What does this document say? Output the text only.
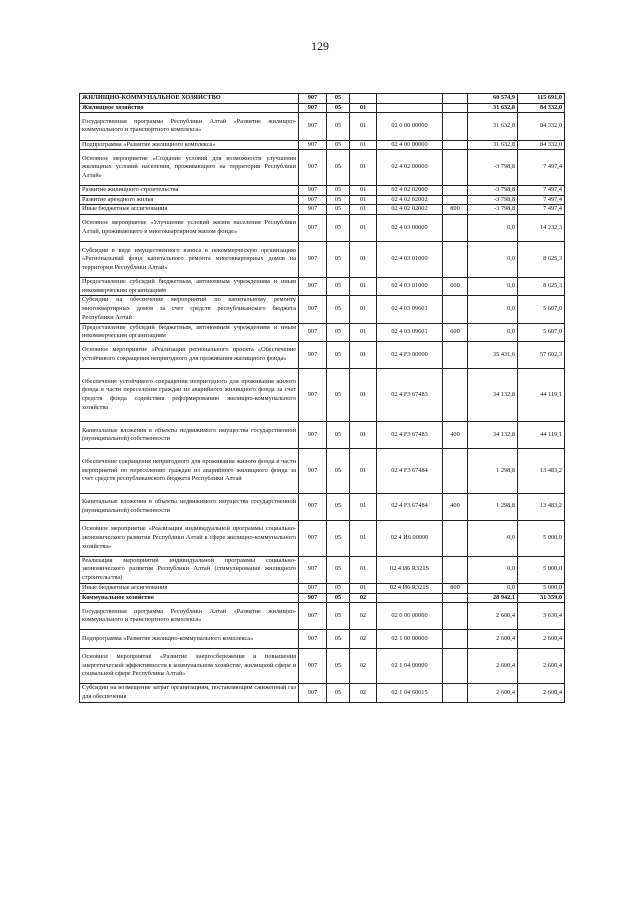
129
ЖИЛИЩНО-КОММУНАЛЬНОЕ ХОЗЯЙСТВО	907	05				60 574,9	115 691,0
Жилищное хозяйство	907	05	01			31 632,8	84 332,0
Государственная программа Республики Алтай «Развитие жилищно-коммунального и транспортного комплекса»	907	05	01	02 0 00 00000		31 632,8	84 332,0
Подпрограмма «Развитие жилищного комплекса»	907	05	01	02 4 00 00000		31 632,8	84 332,0
Основное мероприятие «Создание условий для возможности улучшения жилищных условий населения, проживающего на территории Республики Алтай»	907	05	01	02 4 02 00000		-3 798,8	7 497,4
Развитие жилищного строительства	907	05	01	02 4 02 02000		-3 798,8	7 497,4
Развитие арендного жилья	907	05	01	02 4 02 02002		-3 798,8	7 497,4
Иные бюджетные ассигнования	907	05	01	02 4 02 02002	800	-3 798,8	7 497,4
Основное мероприятие «Улучшение условий жизни населения Республики Алтай, проживающего в многоквартирном жилом фонде»	907	05	01	02 4 03 00000		0,0	14 232,3
Субсидия в виде имущественного взноса в некоммерческую организацию «Региональный фонд капитального ремонта многоквартирных домов на территории Республики Алтай»	907	05	01	02 4 03 01000		0,0	8 625,3
Предоставление субсидий бюджетным, автономным учреждениям и иным некоммерческим организациям	907	05	01	02 4 03 01000	600	0,0	8 625,3
Субсидии на обеспечение мероприятий по капитальному ремонту многоквартирных домов за счет средств республиканского бюджета Республики Алтай	907	05	01	02 4 03 09601		0,0	5 607,0
Предоставление субсидий бюджетным, автономным учреждениям и иным некоммерческим организациям	907	05	01	02 4 03 09601	600	0,0	5 607,0
Основное мероприятие «Реализация регионального проекта «Обеспечение устойчивого сокращения непригодного для проживания жилищного фонда»	907	05	01	02 4 F3 00000		35 431,6	57 602,3
Обеспечение устойчивого сокращения непригодного для проживания жилого фонда в части переселения граждан из аварийного жилищного фонда за счет средств фонда содействия реформированию жилищно-коммунального хозяйства	907	05	01	02 4 F3 67483		34 132,8	44 119,1
Капитальные вложения в объекты недвижимого имущества государственной (муниципальной) собственности	907	05	01	02 4 F3 67483	400	34 132,8	44 119,1
Обеспечение сокращения непригодного для проживания жилого фонда в части мероприятий по переселению граждан из аварийного жилищного фонда за счет средств республиканского бюджета Республики Алтай	907	05	01	02 4 F3 67484		1 298,8	13 483,2
Капитальные вложения в объекты недвижимого имущества государственной (муниципальной) собственности	907	05	01	02 4 F3 67484	400	1 298,8	13 483,2
Основное мероприятие «Реализация индивидуальной программы социально-экономического развития Республики Алтай в сфере жилищно-коммунального хозяйства»	907	05	01	02 4 И6 00000		0,0	5 000,0
Реализация мероприятий индивидуальной программы социально-экономического развития Республики Алтай (стимулирование жилищного строительства)	907	05	01	02 4 И6 R321S		0,0	5 000,0
Иные бюджетные ассигнования	907	05	01	02 4 И6 R321S	800	0,0	5 000,0
Коммунальное хозяйство	907	05	02			28 942,1	31 359,0
Государственная программа Республики Алтай «Развитие жилищно-коммунального и транспортного комплекса»	907	05	02	02 0 00 00000		2 600,4	3 630,4
Подпрограмма «Развитие жилищно-коммунального комплекса»	907	05	02	02 1 00 00000		2 600,4	2 600,4
Основное мероприятие «Развитие энергосбережения и повышения энергетической эффективности в коммунальном хозяйстве, жилищной сфере и социальной сфере Республики Алтай»	907	05	02	02 1 04 00000		2 600,4	2 600,4
Субсидии на возмещение затрат организациям, поставляющим сжиженный газ для обеспечения	907	05	02	02 1 04 60015		2 600,4	2 600,4
